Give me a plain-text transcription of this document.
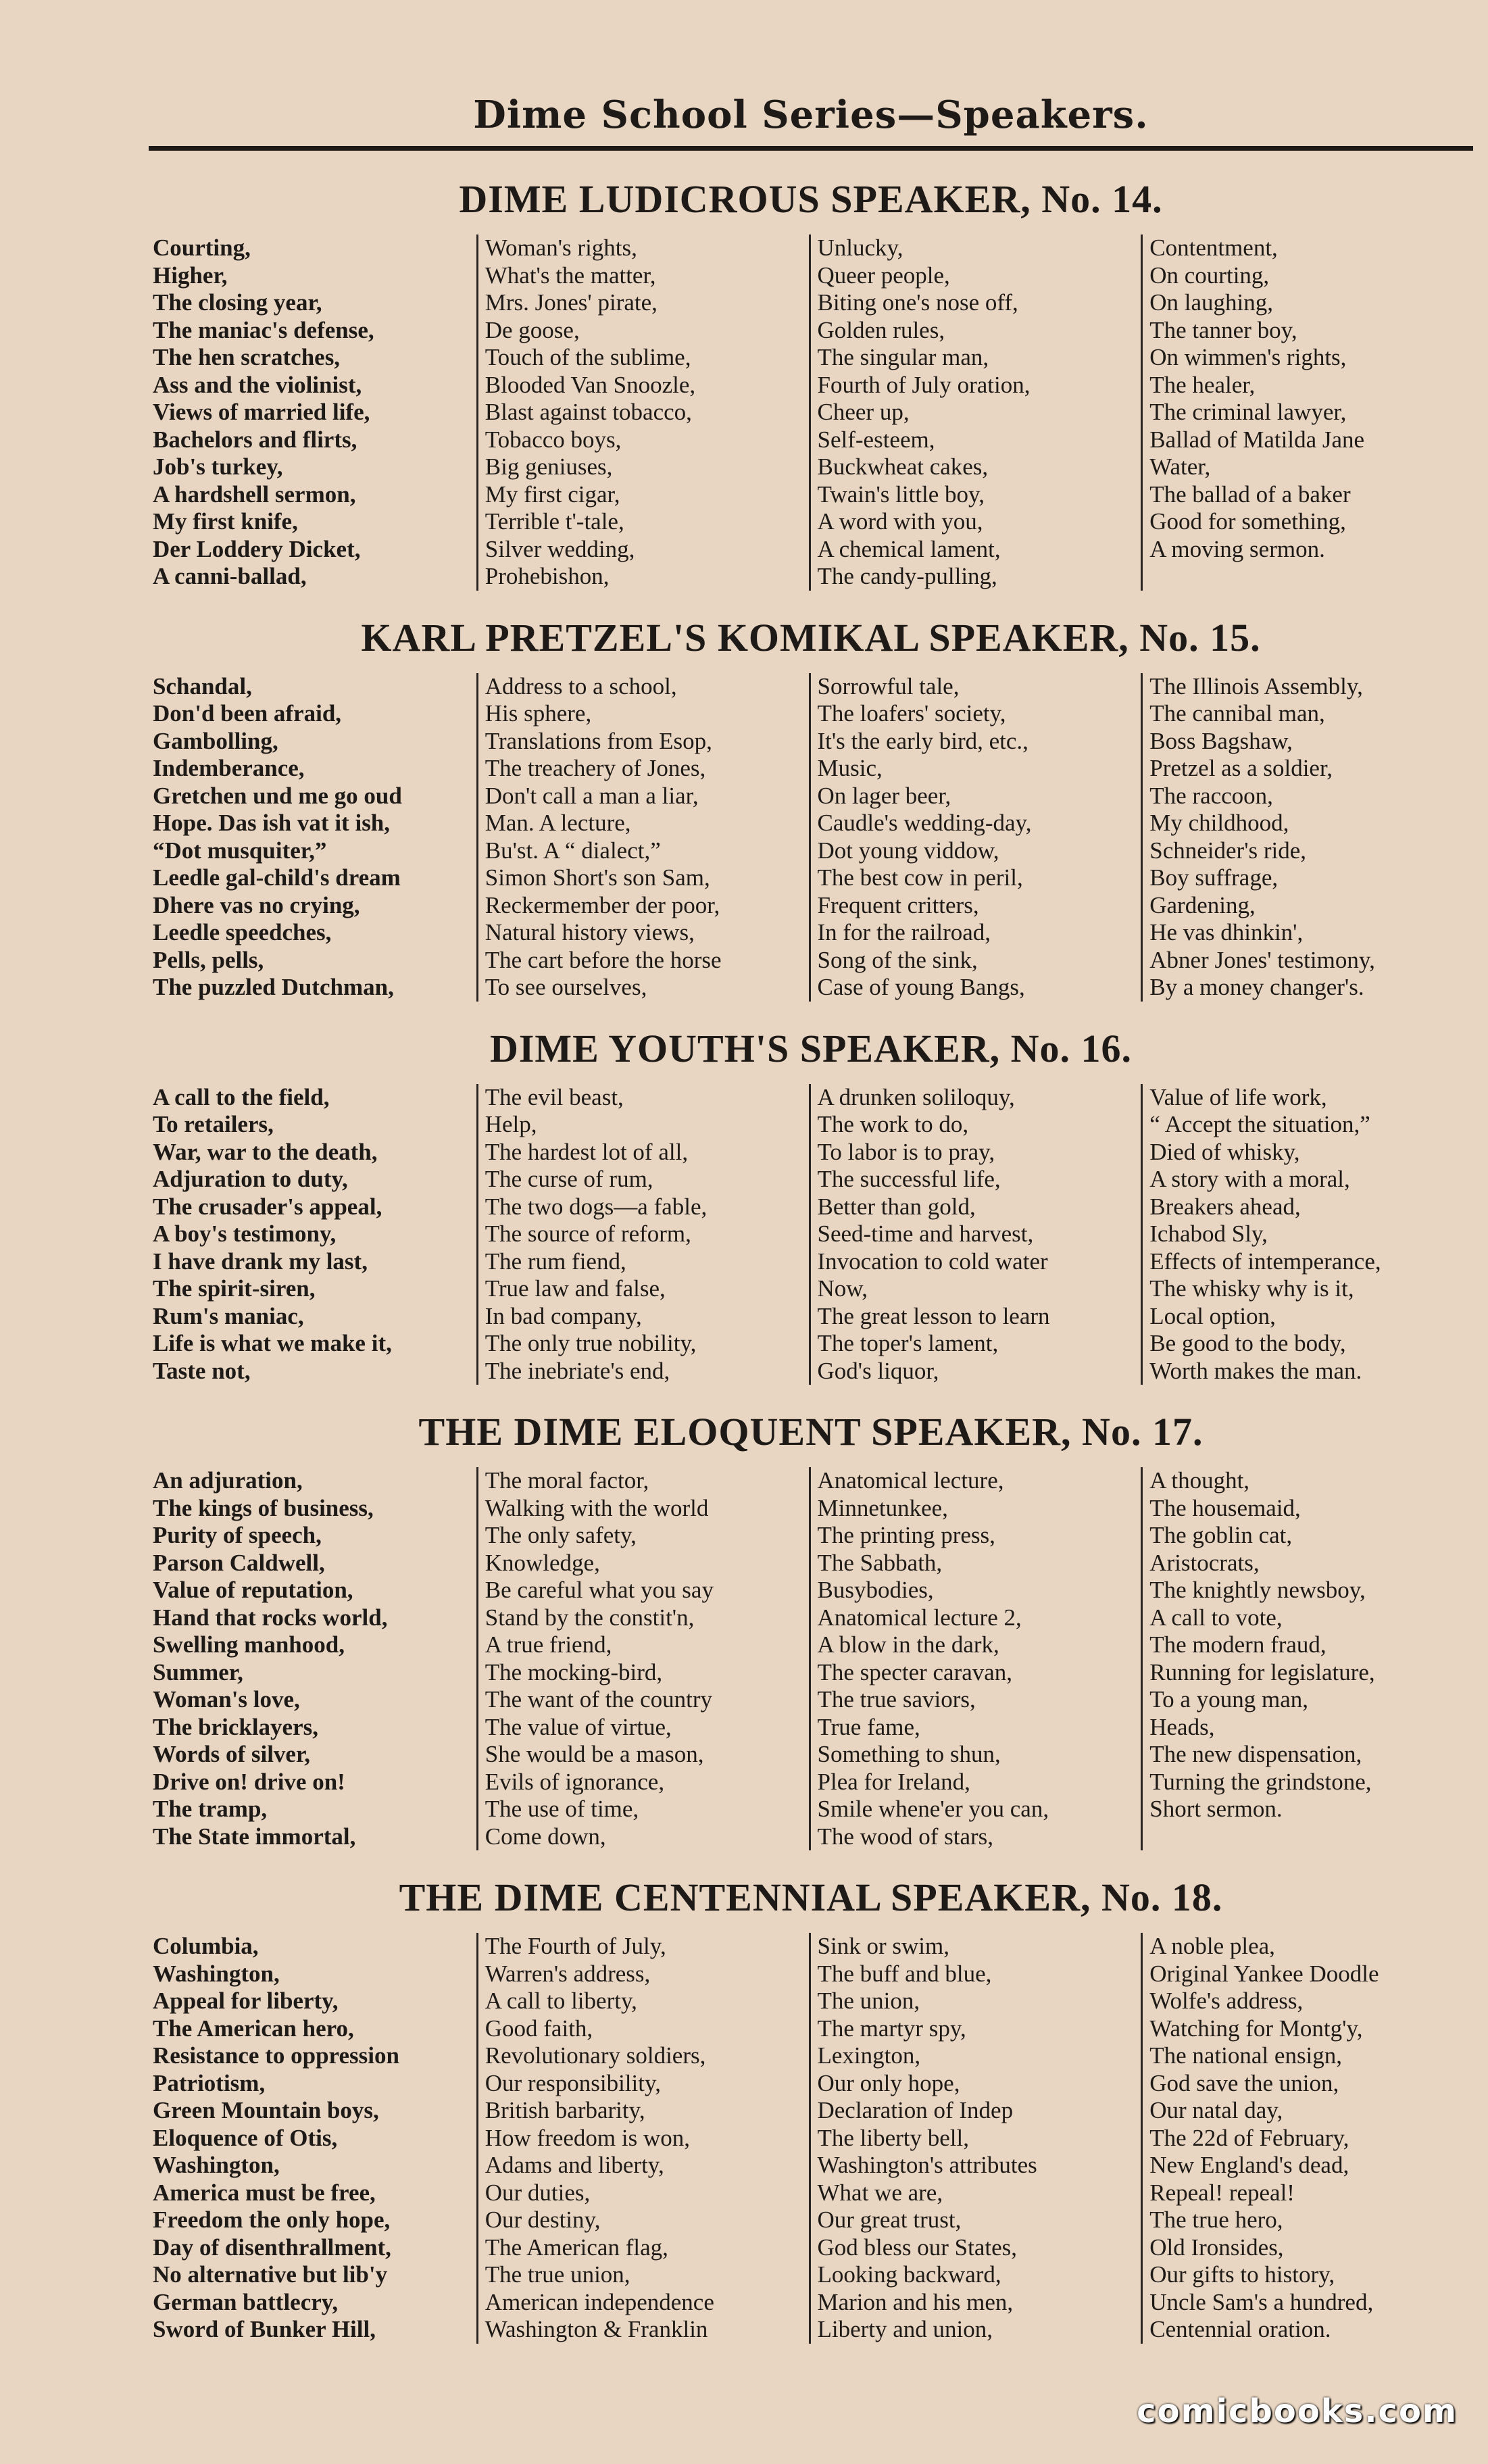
Dime School Series—Speakers.
DIME LUDICROUS SPEAKER, No. 14.
Courting,
Higher,
The closing year,
The maniac's defense,
The hen scratches,
Ass and the violinist,
Views of married life,
Bachelors and flirts,
Job's turkey,
A hardshell sermon,
My first knife,
Der Loddery Dicket,
A canni-ballad,
Woman's rights,
What's the matter,
Mrs. Jones' pirate,
De goose,
Touch of the sublime,
Blooded Van Snoozle,
Blast against tobacco,
Tobacco boys,
Big geniuses,
My first cigar,
Terrible t'-tale,
Silver wedding,
Prohebishon,
Unlucky,
Queer people,
Biting one's nose off,
Golden rules,
The singular man,
Fourth of July oration,
Cheer up,
Self-esteem,
Buckwheat cakes,
Twain's little boy,
A word with you,
A chemical lament,
The candy-pulling,
Contentment,
On courting,
On laughing,
The tanner boy,
On wimmen's rights,
The healer,
The criminal lawyer,
Ballad of Matilda Jane
Water,
The ballad of a baker
Good for something,
A moving sermon.
KARL PRETZEL'S KOMIKAL SPEAKER, No. 15.
Schandal,
Don'd been afraid,
Gambolling,
Indemberance,
Gretchen und me go oud
Hope. Das ish vat it ish,
“Dot musquiter,”
Leedle gal-child's dream
Dhere vas no crying,
Leedle speedches,
Pells, pells,
The puzzled Dutchman,
Address to a school,
His sphere,
Translations from Esop,
The treachery of Jones,
Don't call a man a liar,
Man. A lecture,
Bu'st. A “ dialect,”
Simon Short's son Sam,
Reckermember der poor,
Natural history views,
The cart before the horse
To see ourselves,
Sorrowful tale,
The loafers' society,
It's the early bird, etc.,
Music,
On lager beer,
Caudle's wedding-day,
Dot young viddow,
The best cow in peril,
Frequent critters,
In for the railroad,
Song of the sink,
Case of young Bangs,
The Illinois Assembly,
The cannibal man,
Boss Bagshaw,
Pretzel as a soldier,
The raccoon,
My childhood,
Schneider's ride,
Boy suffrage,
Gardening,
He vas dhinkin',
Abner Jones' testimony,
By a money changer's.
DIME YOUTH'S SPEAKER, No. 16.
A call to the field,
To retailers,
War, war to the death,
Adjuration to duty,
The crusader's appeal,
A boy's testimony,
I have drank my last,
The spirit-siren,
Rum's maniac,
Life is what we make it,
Taste not,
The evil beast,
Help,
The hardest lot of all,
The curse of rum,
The two dogs—a fable,
The source of reform,
The rum fiend,
True law and false,
In bad company,
The only true nobility,
The inebriate's end,
A drunken soliloquy,
The work to do,
To labor is to pray,
The successful life,
Better than gold,
Seed-time and harvest,
Invocation to cold water
Now,
The great lesson to learn
The toper's lament,
God's liquor,
Value of life work,
“ Accept the situation,”
Died of whisky,
A story with a moral,
Breakers ahead,
Ichabod Sly,
Effects of intemperance,
The whisky why is it,
Local option,
Be good to the body,
Worth makes the man.
THE DIME ELOQUENT SPEAKER, No. 17.
An adjuration,
The kings of business,
Purity of speech,
Parson Caldwell,
Value of reputation,
Hand that rocks world,
Swelling manhood,
Summer,
Woman's love,
The bricklayers,
Words of silver,
Drive on! drive on!
The tramp,
The State immortal,
The moral factor,
Walking with the world
The only safety,
Knowledge,
Be careful what you say
Stand by the constit'n,
A true friend,
The mocking-bird,
The want of the country
The value of virtue,
She would be a mason,
Evils of ignorance,
The use of time,
Come down,
Anatomical lecture,
Minnetunkee,
The printing press,
The Sabbath,
Busybodies,
Anatomical lecture 2,
A blow in the dark,
The specter caravan,
The true saviors,
True fame,
Something to shun,
Plea for Ireland,
Smile whene'er you can,
The wood of stars,
A thought,
The housemaid,
The goblin cat,
Aristocrats,
The knightly newsboy,
A call to vote,
The modern fraud,
Running for legislature,
To a young man,
Heads,
The new dispensation,
Turning the grindstone,
Short sermon.
THE DIME CENTENNIAL SPEAKER, No. 18.
Columbia,
Washington,
Appeal for liberty,
The American hero,
Resistance to oppression
Patriotism,
Green Mountain boys,
Eloquence of Otis,
Washington,
America must be free,
Freedom the only hope,
Day of disenthrallment,
No alternative but lib'y
German battlecry,
Sword of Bunker Hill,
The Fourth of July,
Warren's address,
A call to liberty,
Good faith,
Revolutionary soldiers,
Our responsibility,
British barbarity,
How freedom is won,
Adams and liberty,
Our duties,
Our destiny,
The American flag,
The true union,
American independence
Washington & Franklin
Sink or swim,
The buff and blue,
The union,
The martyr spy,
Lexington,
Our only hope,
Declaration of Indep
The liberty bell,
Washington's attributes
What we are,
Our great trust,
God bless our States,
Looking backward,
Marion and his men,
Liberty and union,
A noble plea,
Original Yankee Doodle
Wolfe's address,
Watching for Montg'y,
The national ensign,
God save the union,
Our natal day,
The 22d of February,
New England's dead,
Repeal! repeal!
The true hero,
Old Ironsides,
Our gifts to history,
Uncle Sam's a hundred,
Centennial oration.
comicbooks.com
